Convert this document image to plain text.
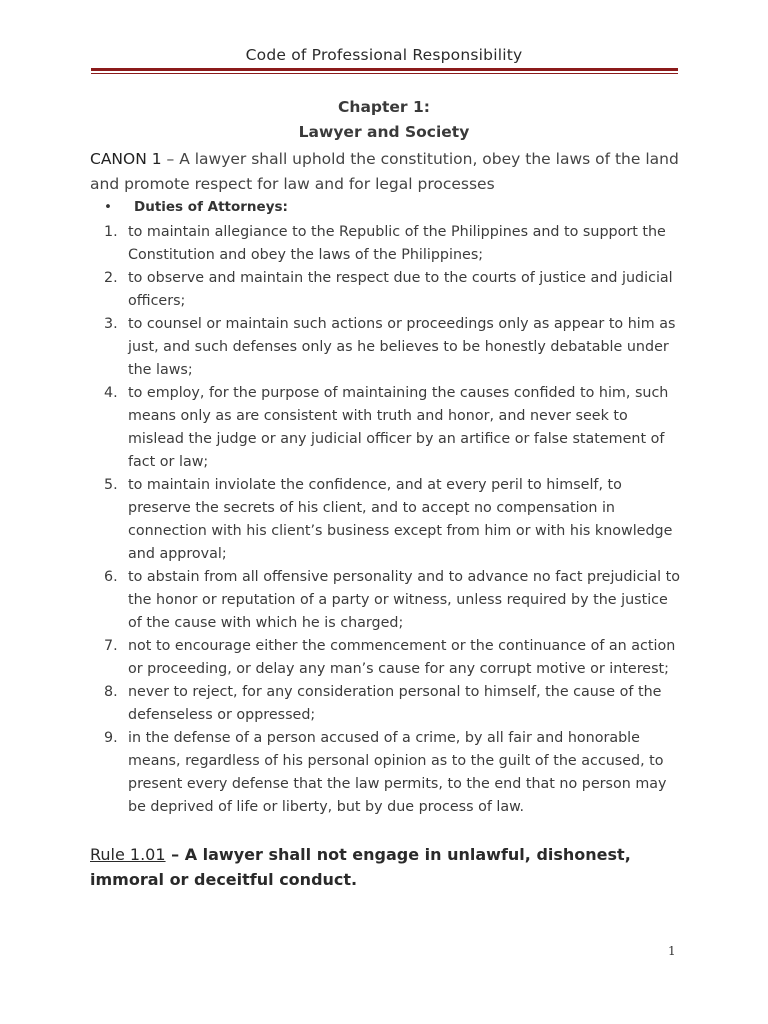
Code of Professional Responsibility
Chapter 1:
Lawyer and Society
CANON 1 – A lawyer shall uphold the constitution, obey the laws of the land and promote respect for law and for legal processes
• Duties of Attorneys:
1. to maintain allegiance to the Republic of the Philippines and to support the Constitution and obey the laws of the Philippines;
2. to observe and maintain the respect due to the courts of justice and judicial officers;
3. to counsel or maintain such actions or proceedings only as appear to him as just, and such defenses only as he believes to be honestly debatable under the laws;
4. to employ, for the purpose of maintaining the causes confided to him, such means only as are consistent with truth and honor, and never seek to mislead the judge or any judicial officer by an artifice or false statement of fact or law;
5. to maintain inviolate the confidence, and at every peril to himself, to preserve the secrets of his client, and to accept no compensation in connection with his client’s business except from him or with his knowledge and approval;
6. to abstain from all offensive personality and to advance no fact prejudicial to the honor or reputation of a party or witness, unless required by the justice of the cause with which he is charged;
7. not to encourage either the commencement or the continuance of an action or proceeding, or delay any man’s cause for any corrupt motive or interest;
8. never to reject, for any consideration personal to himself, the cause of the defenseless or oppressed;
9. in the defense of a person accused of a crime, by all fair and honorable means, regardless of his personal opinion as to the guilt of the accused, to present every defense that the law permits, to the end that no person may be deprived of life or liberty, but by due process of law.
Rule 1.01 – A lawyer shall not engage in unlawful, dishonest, immoral or deceitful conduct.
1
